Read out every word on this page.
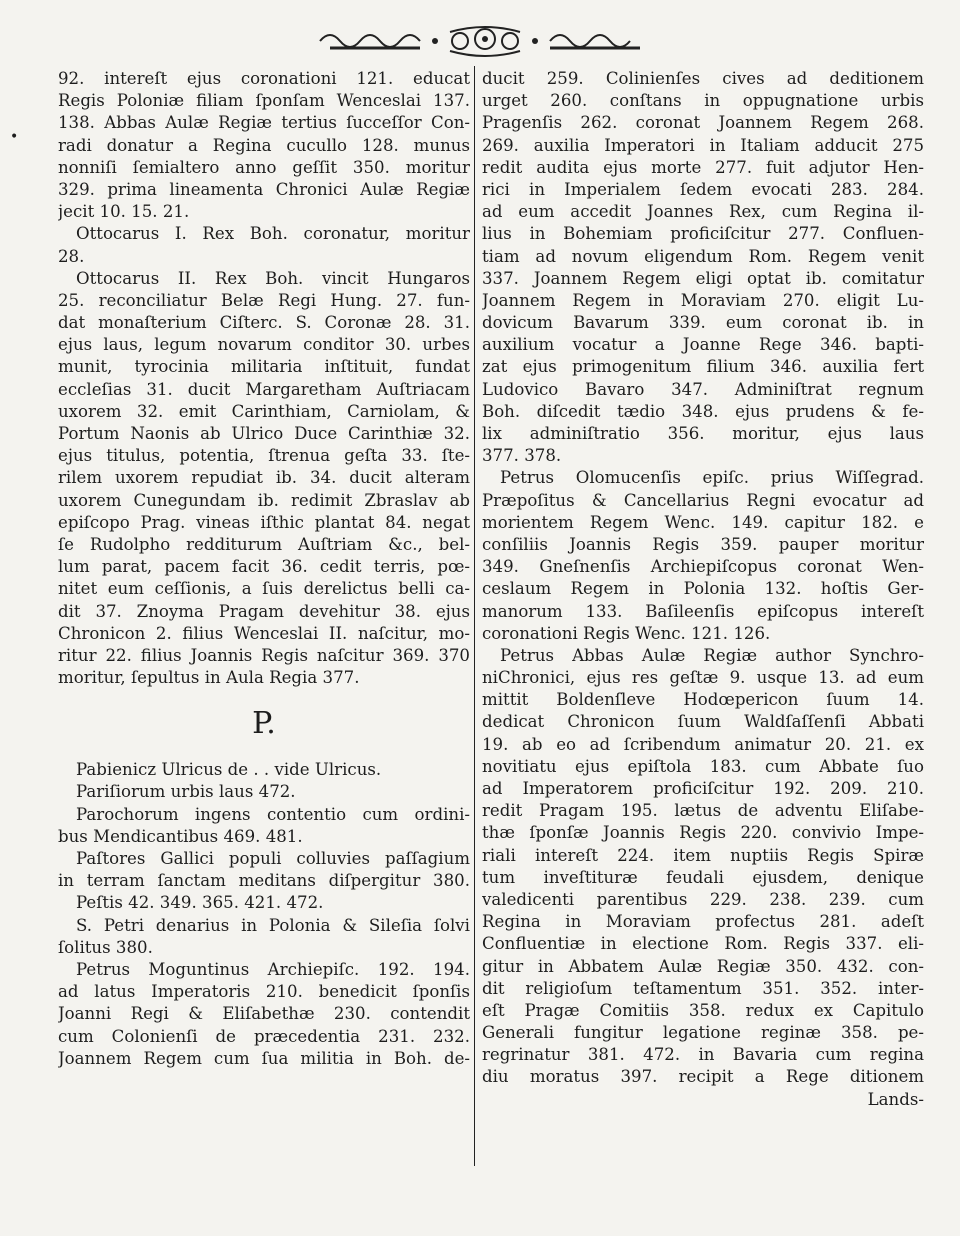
•

92. intereſt ejus coronationi 121. educat

Regis Poloniæ filiam ſponſam Wenceslai 137.

138. Abbas Aulæ Regiæ tertius ſucceſſor Con-

radi donatur a Regina cucullo 128. munus

nonniſi ſemialtero anno geſſit 350. moritur

329. prima lineamenta Chronici Aulæ Regiæ

jecit 10. 15. 21.

Ottocarus I. Rex Boh. coronatur, moritur

28.

Ottocarus II. Rex Boh. vincit Hungaros

25. reconciliatur Belæ Regi Hung. 27. fun-

dat monaſterium Ciſterc. S. Coronæ 28. 31.

ejus laus, legum novarum conditor 30. urbes

munit, tyrocinia militaria inſtituit, fundat

eccleſias 31. ducit Margaretham Auſtriacam

uxorem 32. emit Carinthiam, Carniolam, &

Portum Naonis ab Ulrico Duce Carinthiæ 32.

ejus titulus, potentia, ſtrenua geſta 33. ſte-

rilem uxorem repudiat ib. 34. ducit alteram

uxorem Cunegundam ib. redimit Zbraslav ab

epiſcopo Prag. vineas iſthic plantat 84. negat

ſe Rudolpho redditurum Auſtriam &c., bel-

lum parat, pacem facit 36. cedit terris, pœ-

nitet eum ceſſionis, a ſuis derelictus belli ca-

dit 37. Znoyma Pragam devehitur 38. ejus

Chronicon 2. filius Wenceslai II. naſcitur, mo-

ritur 22. filius Joannis Regis naſcitur 369. 370

moritur, ſepultus in Aula Regia 377.

P.

Pabienicz Ulricus de . . vide Ulricus.

Pariſiorum urbis laus 472.

Parochorum ingens contentio cum ordini-

bus Mendicantibus 469. 481.

Paſtores Gallici populi colluvies paſſagium

in terram ſanctam meditans diſpergitur 380.

Peſtis 42. 349. 365. 421. 472.

S. Petri denarius in Polonia & Sileſia ſolvi

ſolitus 380.

Petrus Moguntinus Archiepiſc. 192. 194.

ad latus Imperatoris 210. benedicit ſponſis

Joanni Regi & Eliſabethæ 230. contendit

cum Colonienſi de præcedentia 231. 232.

Joannem Regem cum ſua militia in Boh. de-

ducit 259. Colinienſes cives ad deditionem

urget 260. conſtans in oppugnatione urbis

Pragenſis 262. coronat Joannem Regem 268.

269. auxilia Imperatori in Italiam adducit 275

redit audita ejus morte 277. fuit adjutor Hen-

rici in Imperialem ſedem evocati 283. 284.

ad eum accedit Joannes Rex, cum Regina il-

lius in Bohemiam proficiſcitur 277. Confluen-

tiam ad novum eligendum Rom. Regem venit

337. Joannem Regem eligi optat ib. comitatur

Joannem Regem in Moraviam 270. eligit Lu-

dovicum Bavarum 339. eum coronat ib. in

auxilium vocatur a Joanne Rege 346. bapti-

zat ejus primogenitum filium 346. auxilia fert

Ludovico Bavaro 347. Adminiſtrat regnum

Boh. diſcedit tædio 348. ejus prudens & fe-

lix adminiſtratio 356. moritur, ejus laus

377. 378.

Petrus Olomucenſis epiſc. prius Wiſſegrad.

Præpoſitus & Cancellarius Regni evocatur ad

morientem Regem Wenc. 149. capitur 182. e

conſiliis Joannis Regis 359. pauper moritur

349. Gneſnenſis Archiepiſcopus coronat Wen-

ceslaum Regem in Polonia 132. hoſtis Ger-

manorum 133. Baſileenſis epiſcopus intereſt

coronationi Regis Wenc. 121. 126.

Petrus Abbas Aulæ Regiæ author Synchro-

niChronici, ejus res geſtæ 9. usque 13. ad eum

mittit Boldenſleve Hodœpericon ſuum 14.

dedicat Chronicon ſuum Waldſaſſenſi Abbati

19. ab eo ad ſcribendum animatur 20. 21. ex

novitiatu ejus epiſtola 183. cum Abbate ſuo

ad Imperatorem proficiſcitur 192. 209. 210.

redit Pragam 195. lætus de adventu Eliſabe-

thæ ſponſæ Joannis Regis 220. convivio Impe-

riali intereſt 224. item nuptiis Regis Spiræ

tum inveſtituræ feudali ejusdem, denique

valedicenti parentibus 229. 238. 239. cum

Regina in Moraviam profectus 281. adeſt

Confluentiæ in electione Rom. Regis 337. eli-

gitur in Abbatem Aulæ Regiæ 350. 432. con-

dit religioſum teſtamentum 351. 352. inter-

eſt Pragæ Comitiis 358. redux ex Capitulo

Generali fungitur legatione reginæ 358. pe-

regrinatur 381. 472. in Bavaria cum regina

diu moratus 397. recipit a Rege ditionem

Lands-
